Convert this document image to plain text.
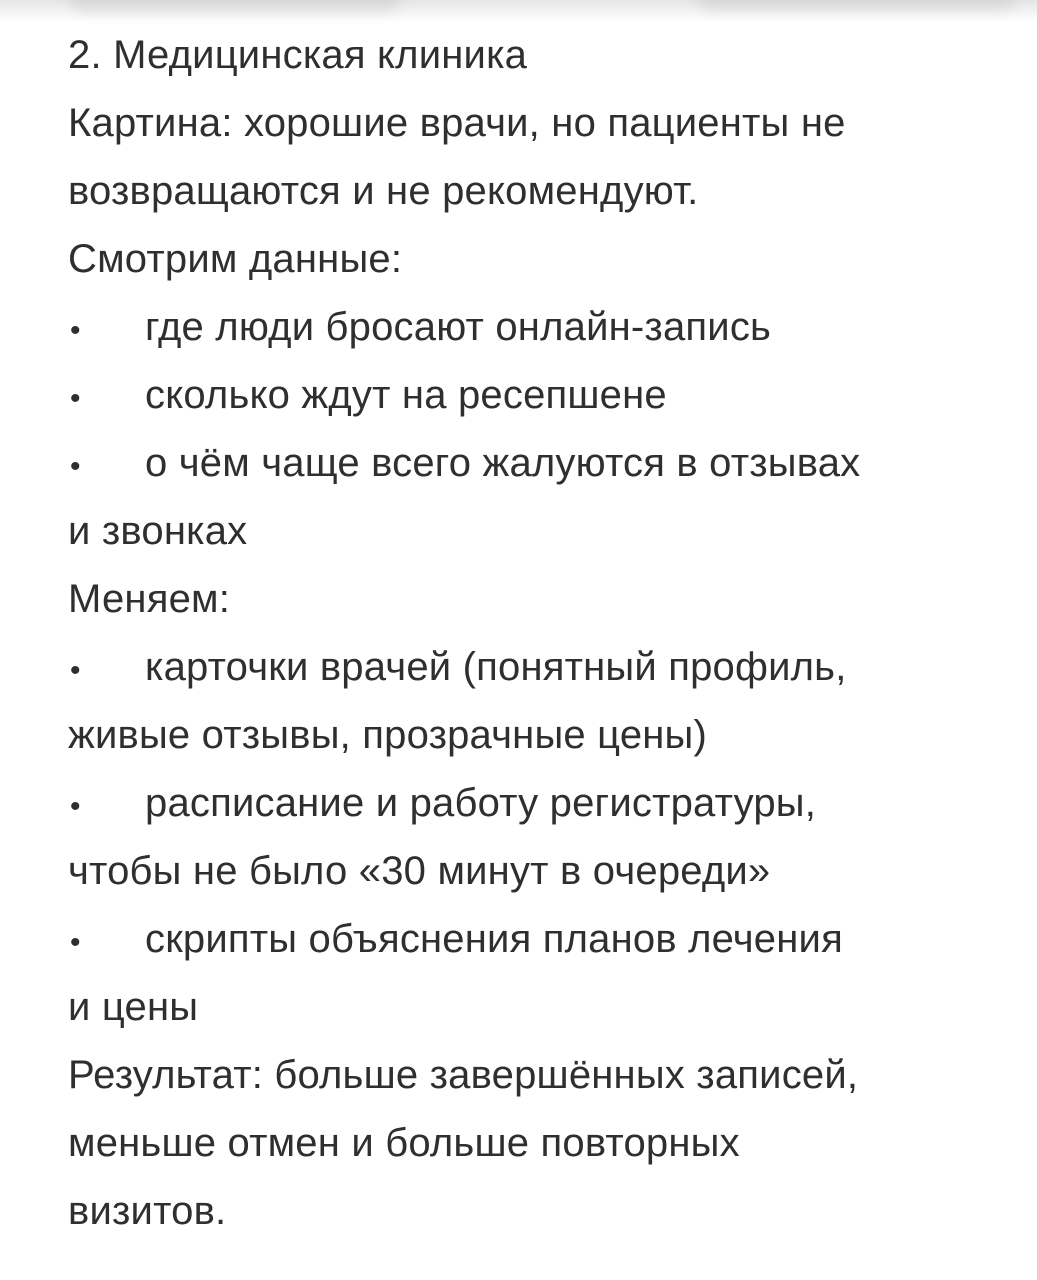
2. Медицинская клиника
Картина: хорошие врачи, но пациенты не
возвращаются и не рекомендуют.
Смотрим данные:
•	где люди бросают онлайн-запись
•	сколько ждут на ресепшене
•	о чём чаще всего жалуются в отзывах
и звонках
Меняем:
•	карточки врачей (понятный профиль,
живые отзывы, прозрачные цены)
•	расписание и работу регистратуры,
чтобы не было «30 минут в очереди»
•	скрипты объяснения планов лечения
и цены
Результат: больше завершённых записей,
меньше отмен и больше повторных
визитов.
